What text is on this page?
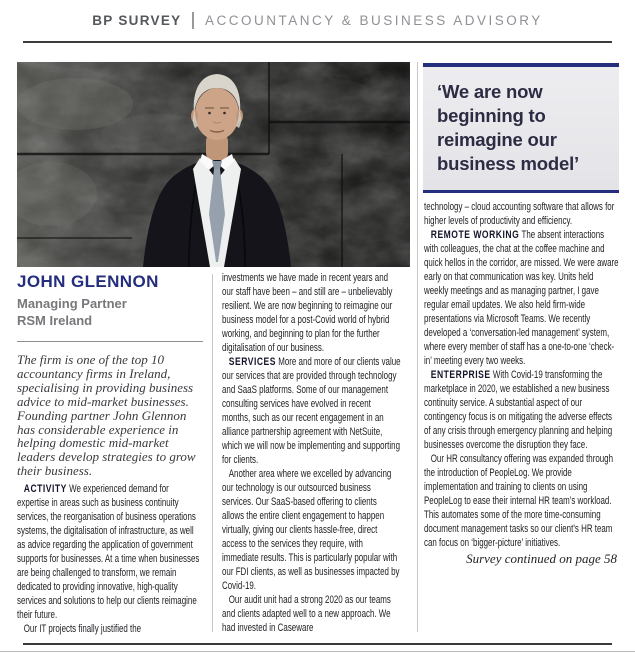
BP SURVEY ACCOUNTANCY & BUSINESS ADVISORY
‘We are now beginning to reimagine our business model’
JOHN GLENNON
Managing Partner
RSM Ireland

The firm is one of the top 10 accountancy firms in Ireland, specialising in providing business advice to mid-market businesses. Founding partner John Glennon has considerable experience in helping domestic mid-market leaders develop strategies to grow their business.

ACTIVITY We experienced demand for expertise in areas such as business continuity services, the reorganisation of business operations systems, the digitalisation of infrastructure, as well as advice regarding the application of government supports for businesses. At a time when businesses are being challenged to transform, we remain dedicated to providing innovative, high-quality services and solutions to help our clients reimagine their future.

Our IT projects finally justified the

investments we have made in recent years and our staff have been – and still are – unbelievably resilient. We are now beginning to reimagine our business model for a post-Covid world of hybrid working, and beginning to plan for the further digitalisation of our business.

SERVICES More and more of our clients value our services that are provided through technology and SaaS platforms. Some of our management consulting services have evolved in recent months, such as our recent engagement in an alliance partnership agreement with NetSuite, which we will now be implementing and supporting for clients.

Another area where we excelled by advancing our technology is our outsourced business services. Our SaaS-based offering to clients allows the entire client engagement to happen virtually, giving our clients hassle-free, direct access to the services they require, with immediate results. This is particularly popular with our FDI clients, as well as businesses impacted by Covid-19.

Our audit unit had a strong 2020 as our teams and clients adapted well to a new approach. We had invested in Caseware

technology – cloud accounting software that allows for higher levels of productivity and efficiency.

REMOTE WORKING The absent interactions with colleagues, the chat at the coffee machine and quick hellos in the corridor, are missed. We were aware early on that communication was key. Units held weekly meetings and as managing partner, I gave regular email updates. We also held firm-wide presentations via Microsoft Teams. We recently developed a ‘conversation-led management’ system, where every member of staff has a one-to-one ‘check-in’ meeting every two weeks.

ENTERPRISE With Covid-19 transforming the marketplace in 2020, we established a new business continuity service. A substantial aspect of our contingency focus is on mitigating the adverse effects of any crisis through emergency planning and helping businesses overcome the disruption they face.

Our HR consultancy offering was expanded through the introduction of PeopleLog. We provide implementation and training to clients on using PeopleLog to ease their internal HR team’s workload. This automates some of the more time-consuming document management tasks so our client’s HR team can focus on ‘bigger-picture’ initiatives.

Survey continued on page 58
